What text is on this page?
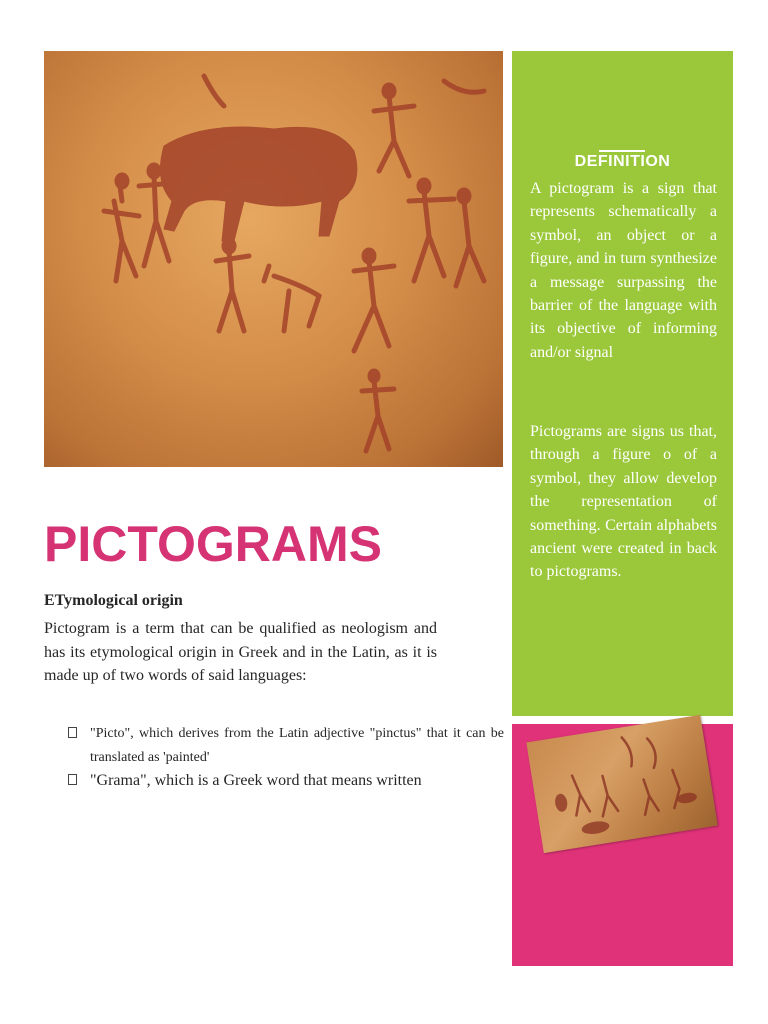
PICTOGRAMS

ETymological origin

Pictogram is a term that can be qualified as neologism and has its etymological origin in Greek and in the Latin, as it is made up of two words of said languages:

"Picto", which derives from the Latin adjective "pinctus" that it can be translated as 'painted'
"Grama", which is a Greek word that means written
DEFINITION

A pictogram is a sign that represents schematically a symbol, an object or a figure, and in turn synthesize a message surpassing the barrier of the language with its objective of informing and/or signal

Pictograms are signs us that, through a figure o of a symbol, they allow develop the representation of something. Certain alphabets ancient were created in back to pictograms.
